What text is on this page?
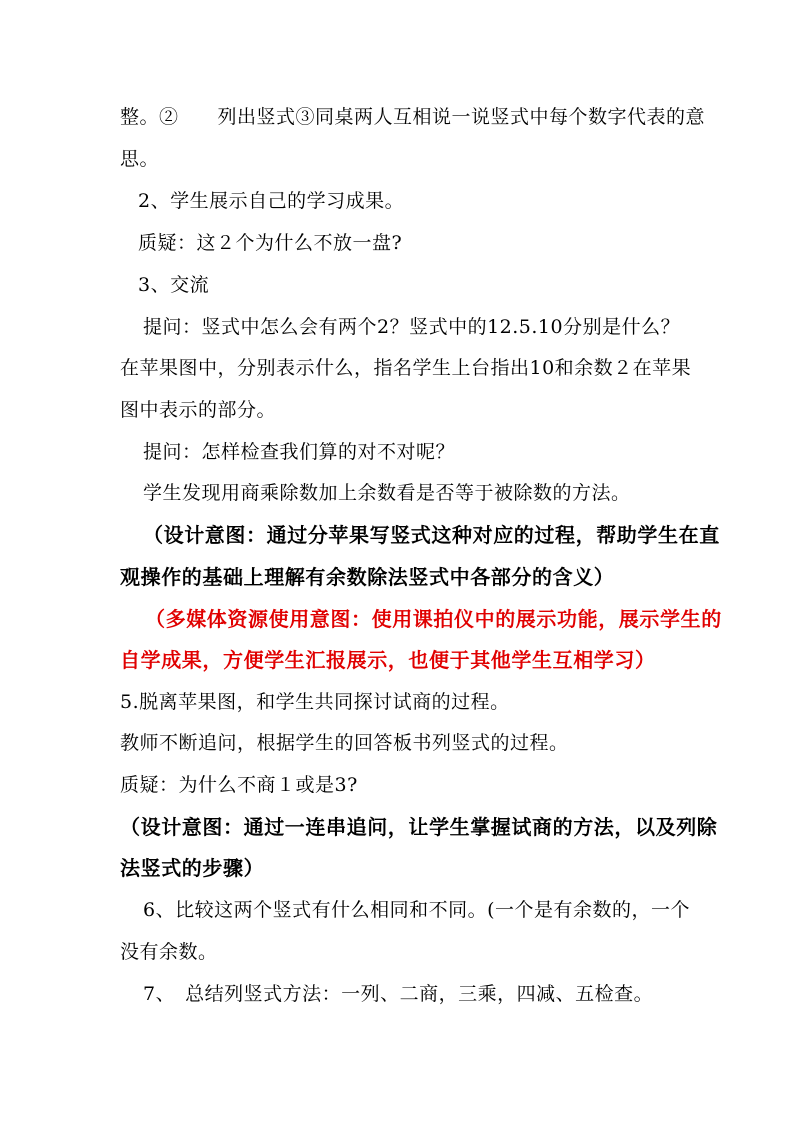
整。②　　列出竖式③同桌两人互相说一说竖式中每个数字代表的意
思。
2、学生展示自己的学习成果。
质疑：这２个为什么不放一盘?
3、交流
提问：竖式中怎么会有两个2？竖式中的12.5.10分别是什么？
在苹果图中，分别表示什么，指名学生上台指出10和余数２在苹果
图中表示的部分。
提问：怎样检查我们算的对不对呢？
学生发现用商乘除数加上余数看是否等于被除数的方法。
（设计意图：通过分苹果写竖式这种对应的过程，帮助学生在直
观操作的基础上理解有余数除法竖式中各部分的含义）
（多媒体资源使用意图：使用课拍仪中的展示功能，展示学生的
自学成果，方便学生汇报展示，也便于其他学生互相学习）
5.脱离苹果图，和学生共同探讨试商的过程。
教师不断追问，根据学生的回答板书列竖式的过程。
质疑：为什么不商１或是3?
（设计意图：通过一连串追问，让学生掌握试商的方法，以及列除
法竖式的步骤）
6、比较这两个竖式有什么相同和不同。(一个是有余数的，一个
没有余数。
7、 总结列竖式方法：一列、二商，三乘，四减、五检查。
